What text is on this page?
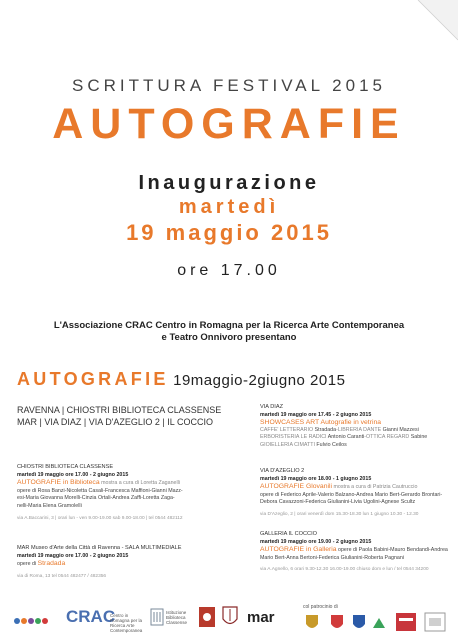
SCRITTURA FESTIVAL 2015
AUTOGRAFIE
Inaugurazione
martedì
19 maggio 2015
ore 17.00
L'Associazione CRAC Centro in Romagna per la Ricerca Arte Contemporanea
e Teatro Onnivoro presentano
AUTOGRAFIE 19maggio-2giugno 2015
RAVENNA | CHIOSTRI BIBLIOTECA CLASSENSE
MAR | VIA DIAZ | VIA D'AZEGLIO 2 | IL COCCIO
CHIOSTRI BIBLIOTECA CLASSENSE
martedì 19 maggio ore 17.00 - 2 giugno 2015
AUTOGRAFIE in Biblioteca mostra a cura di Loretta Zaganelli
opere di Rosa Banzi-Nicoletta Casali-Francesca Maffioni-Gianni Mazz-
esi-Maria Giovanna Morelli-Cinzia Ortali-Andrea Zaffi-Loretta Zaga-
nelli-Maria Elena Gramolelli
via A.Baccarini, 3 | orari lun - ven 9.00-19.00 sab 9.00-18.00 | tel 0544 482112
MAR Museo d'Arte della Città di Ravenna - SALA MULTIMEDIALE
martedì 19 maggio ore 17.00 - 2 giugno 2015
opere di Stradada
via di Roma, 13 tel 0544 482477 / 482356
VIA DIAZ
martedì 19 maggio ore 17.45 - 2 giugno 2015
SHOWCASES ART Autografie in vetrina
CAFFE' LETTERARIO Stradada-LIBRERIA DANTE Gianni Mazzesi
ERBORISTERIA LE RADICI Antonio Caranti-OTTICA REGARD Sabine
GIOIELLERIA CIMATTI Fulvio Ceilos
VIA D'AZEGLIO 2
martedì 19 maggio ore 18.00 - 1 giugno 2015
AUTOGRAFIE Glovanili mostra a cura di Patrizia Cautruccio
opere di Federico Aprile-Valerio Balzano-Andrea Mario Bert-Gerardo Brontari-
Debora Cavazzoni-Federica Giulianini-Livia Ugolini-Agnese Scultz
via D'Azeglio, 2 | orari venerdì dom 15.30-18.30 lun 1 giugno 10.30 - 12.30
GALLERIA IL COCCIO
martedì 19 maggio ore 19.00 - 2 giugno 2015
AUTOGRAFIE in Galleria opere di Paola Babini-Mauro Bendandi-Andrea
Mario Bert-Anna Bertoni-Federica Giulianini-Roberta Pagnani
via A.Agnello, 6 orari 9.30-12.30 16.00-19.00 chiuso dom e lun / tel 0544 34200
CRAC
Centro in Romagna per la Ricerca Arte Contemporanea
Istituzione Biblioteca Classense	mar
col patrocinio di
